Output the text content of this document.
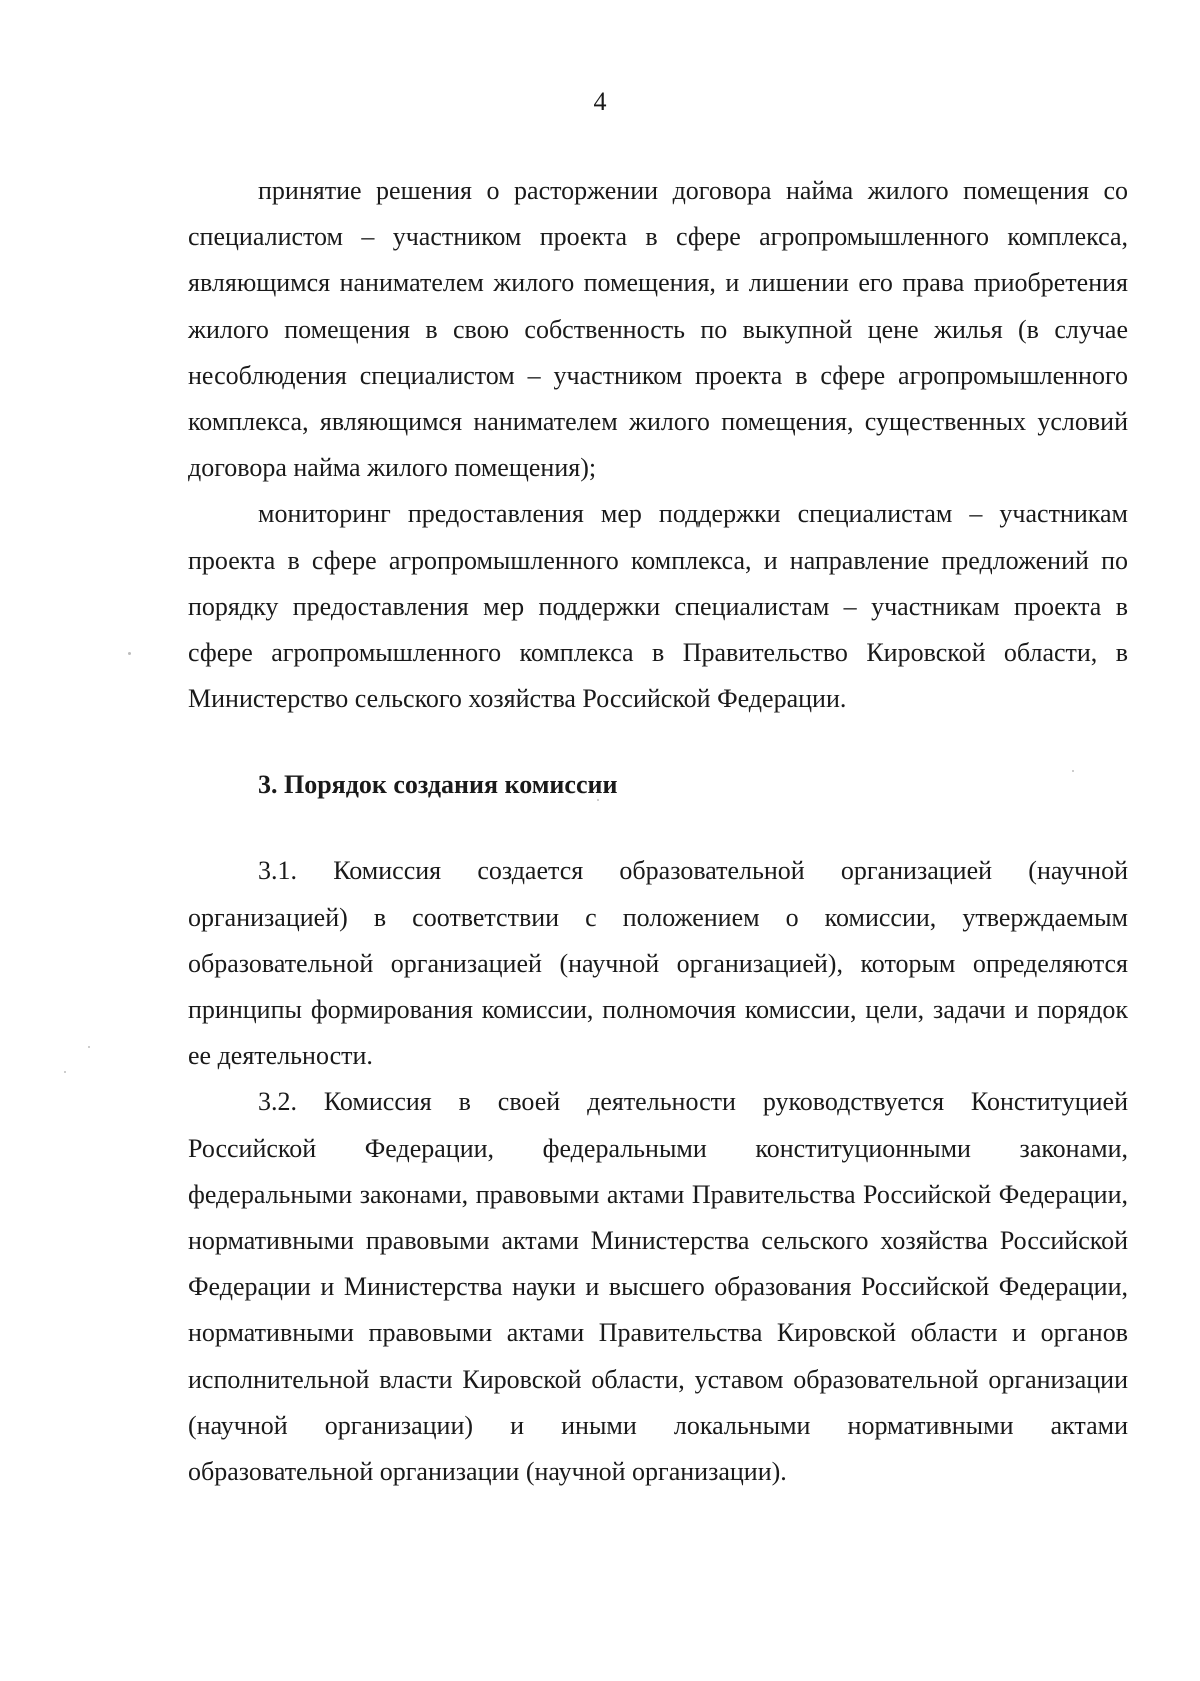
4

принятие решения о расторжении договора найма жилого помещения со специалистом – участником проекта в сфере агропромышленного комплекса, являющимся нанимателем жилого помещения, и лишении его права приобретения жилого помещения в свою собственность по выкупной цене жилья (в случае несоблюдения специалистом – участником проекта в сфере агропромышленного комплекса, являющимся нанимателем жилого помещения, существенных условий договора найма жилого помещения);

мониторинг предоставления мер поддержки специалистам – участникам проекта в сфере агропромышленного комплекса, и направление предложений по порядку предоставления мер поддержки специалистам – участникам проекта в сфере агропромышленного комплекса в Правительство Кировской области, в Министерство сельского хозяйства Российской Федерации.

3. Порядок создания комиссии

3.1. Комиссия создается образовательной организацией (научной организацией) в соответствии с положением о комиссии, утверждаемым образовательной организацией (научной организацией), которым определяются принципы формирования комиссии, полномочия комиссии, цели, задачи и порядок ее деятельности.

3.2. Комиссия в своей деятельности руководствуется Конституцией Российской Федерации, федеральными конституционными законами, федеральными законами, правовыми актами Правительства Российской Федерации, нормативными правовыми актами Министерства сельского хозяйства Российской Федерации и Министерства науки и высшего образования Российской Федерации, нормативными правовыми актами Правительства Кировской области и органов исполнительной власти Кировской области, уставом образовательной организации (научной организации) и иными локальными нормативными актами образовательной организации (научной организации).
